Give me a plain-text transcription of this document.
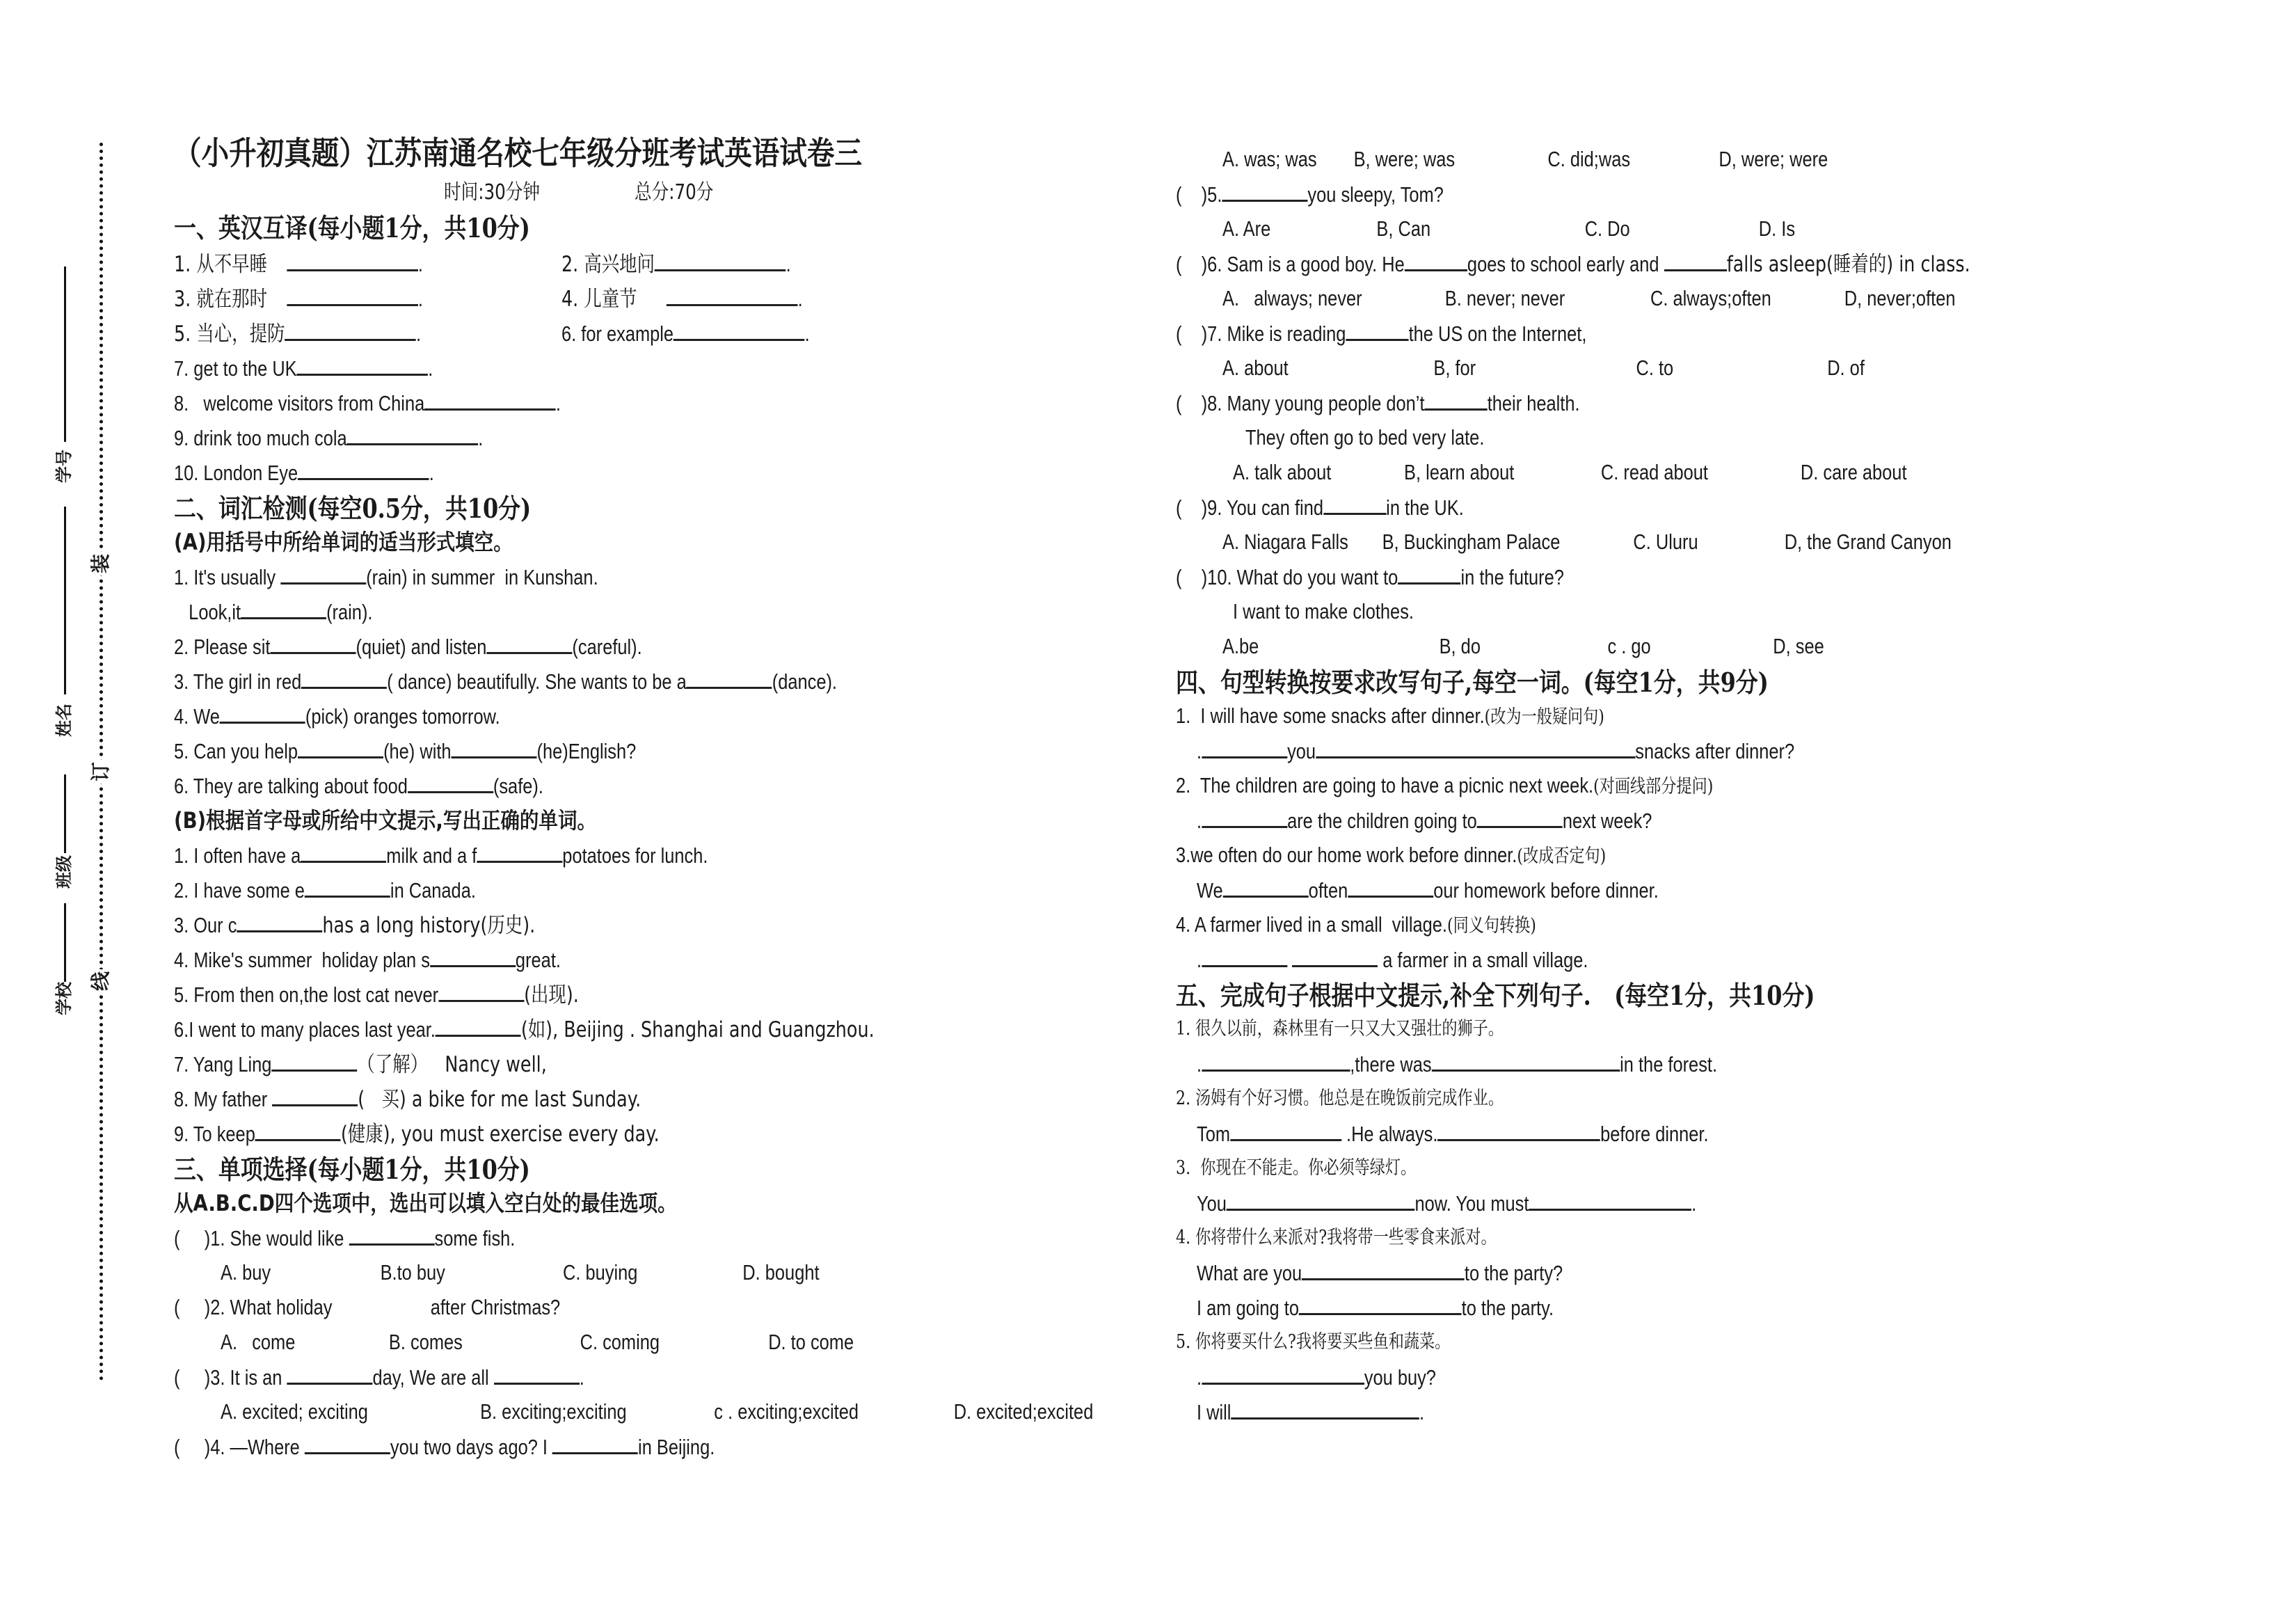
装
订
线
学号
姓名
班级
学校
（小升初真题）江苏南通名校七年级分班考试英语试卷三
时间:30分钟	总分:70分
一、英汉互译(每小题1分，共10分)
1. 从不早睡	.	2. 高兴地问	.
3. 就在那时	.	4. 儿童节	.
5. 当心，提防	.	6. for example	.
7. get to the UK	.
8.   welcome visitors from China	.
9. drink too much cola	.
10. London Eye	.
二、词汇检测(每空0.5分，共10分)
(A)用括号中所给单词的适当形式填空。
1. It's usually	(rain) in summer  in Kunshan.
Look,it	(rain).
2. Please sit	(quiet) and listen	(careful).
3. The girl in red	( dance) beautifully. She wants to be a	(dance).
4. We	(pick) oranges tomorrow.
5. Can you help	(he) with	(he)English?
6. They are talking about food	(safe).
(B)根据首字母或所给中文提示,写出正确的单词。
1. I often have a	milk and a f	potatoes for lunch.
2. I have some e	in Canada.
3. Our c	has a long history(历史).
4. Mike's summer  holiday plan s	great.
5. From then on,the lost cat never	(出现).
6.I went to many places last year.	(如), Beijing . Shanghai and Guangzhou.
7. Yang Ling	（了解）   Nancy well,
8. My father	(   买) a bike for me last Sunday.
9. To keep	(健康), you must exercise every day.
三、单项选择(每小题1分，共10分)
从A.B.C.D四个选项中，选出可以填入空白处的最佳选项。
( )1. She would like	some fish.
A. buy	B.to buy	C. buying	D. bought
( )2. What holiday	after Christmas?
A.   come	B. comes	C. coming	D. to come
( )3. It is an	day, We are all	.
A. excited; exciting	B. exciting;exciting	c . exciting;excited	D. excited;excited
( )4. —Where	you two days ago? I	in Beijing.
A. was; was B, were; was	C. did;was	D, were; were
( )5.	you sleepy, Tom?
A. Are	B, Can	C. Do	D. Is
( )6. Sam is a good boy. He	goes to school early and	falls asleep(睡着的) in class.
A.   always; never	B. never; never	C. always;often	D, never;often
( )7. Mike is reading	the US on the Internet,
A. about	B, for	C. to	D. of
( )8. Many young people don’t	their health.
They often go to bed very late.
A. talk about	B, learn about	C. read about	D. care about
( )9. You can find	in the UK.
A. Niagara Falls B, Buckingham Palace	C. Uluru	D, the Grand Canyon
( )10. What do you want to	in the future?
I want to make clothes.
A.be	B, do	c . go	D, see
四、句型转换按要求改写句子,每空一词。(每空1分，共9分)
1.  I will have some snacks after dinner.(改为一般疑问句)
.	you	snacks after dinner?
2.  The children are going to have a picnic next week.(对画线部分提问)
.	are the children going to	next week?
3.we often do our home work before dinner.(改成否定句)
We	often	our homework before dinner.
4. A farmer lived in a small  village.(同义句转换)
.	a farmer in a small village.
五、完成句子根据中文提示,补全下列句子.   (每空1分，共10分)
1. 很久以前，森林里有一只又大又强壮的狮子。
.	,there was	in the forest.
2. 汤姆有个好习惯。他总是在晚饭前完成作业。
Tom	.He always.	before dinner.
3.  你现在不能走。你必须等绿灯。
You	now. You must	.
4. 你将带什么来派对?我将带一些零食来派对。
What are you	to the party?
I am going to	to the party.
5. 你将要买什么?我将要买些鱼和蔬菜。
.	you buy?
I will	.
